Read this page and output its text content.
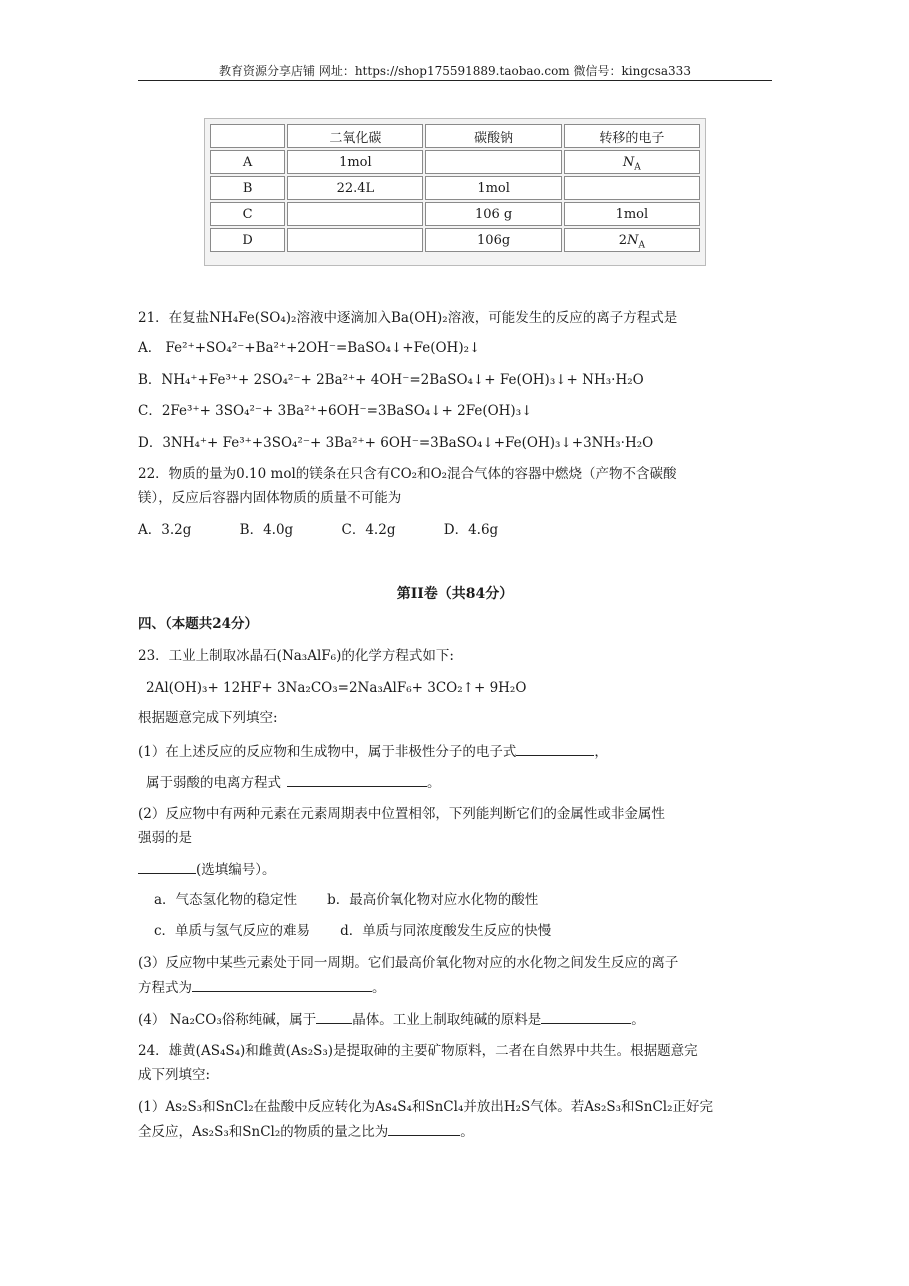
教育资源分享店铺 网址：https://shop175591889.taobao.com 微信号：kingcsa333
	二氧化碳	碳酸钠	转移的电子
A	1mol		$N_A$
B	22.4L	1mol	
C		106 g	1mol
D		106g	$2N_A$
21．在复盐NH₄Fe(SO₄)₂溶液中逐滴加入Ba(OH)₂溶液，可能发生的反应的离子方程式是
A． Fe²⁺+SO₄²⁻+Ba²⁺+2OH⁻=BaSO₄↓+Fe(OH)₂↓
B．NH₄⁺+Fe³⁺+ 2SO₄²⁻+ 2Ba²⁺+ 4OH⁻=2BaSO₄↓+ Fe(OH)₃↓+ NH₃·H₂O
C．2Fe³⁺+ 3SO₄²⁻+ 3Ba²⁺+6OH⁻=3BaSO₄↓+ 2Fe(OH)₃↓
D．3NH₄⁺+ Fe³⁺+3SO₄²⁻+ 3Ba²⁺+ 6OH⁻=3BaSO₄↓+Fe(OH)₃↓+3NH₃·H₂O
22．物质的量为0.10 mol的镁条在只含有CO₂和O₂混合气体的容器中燃烧（产物不含碳酸
镁），反应后容器内固体物质的质量不可能为
A．3.2g	B．4.0g	C．4.2g	D．4.6g
第II卷（共84分）
四、（本题共24分）
23．工业上制取冰晶石(Na₃AlF₆)的化学方程式如下:
2Al(OH)₃+ 12HF+ 3Na₂CO₃=2Na₃AlF₆+ 3CO₂↑+ 9H₂O
根据题意完成下列填空:
(1）在上述反应的反应物和生成物中，属于非极性分子的电子式	，
属于弱酸的电离方程式	。
(2）反应物中有两种元素在元素周期表中位置相邻，下列能判断它们的金属性或非金属性
强弱的是
(选填编号）。
a．气态氢化物的稳定性 b．最高价氧化物对应水化物的酸性
c．单质与氢气反应的难易 d．单质与同浓度酸发生反应的快慢
(3）反应物中某些元素处于同一周期。它们最高价氧化物对应的水化物之间发生反应的离子
方程式为	。
(4） Na₂CO₃俗称纯碱，属于	晶体。工业上制取纯碱的原料是	。
24．雄黄(AS₄S₄)和雌黄(As₂S₃)是提取砷的主要矿物原料，二者在自然界中共生。根据题意完
成下列填空:
(1）As₂S₃和SnCl₂在盐酸中反应转化为As₄S₄和SnCl₄并放出H₂S气体。若As₂S₃和SnCl₂正好完
全反应，As₂S₃和SnCl₂的物质的量之比为	。
